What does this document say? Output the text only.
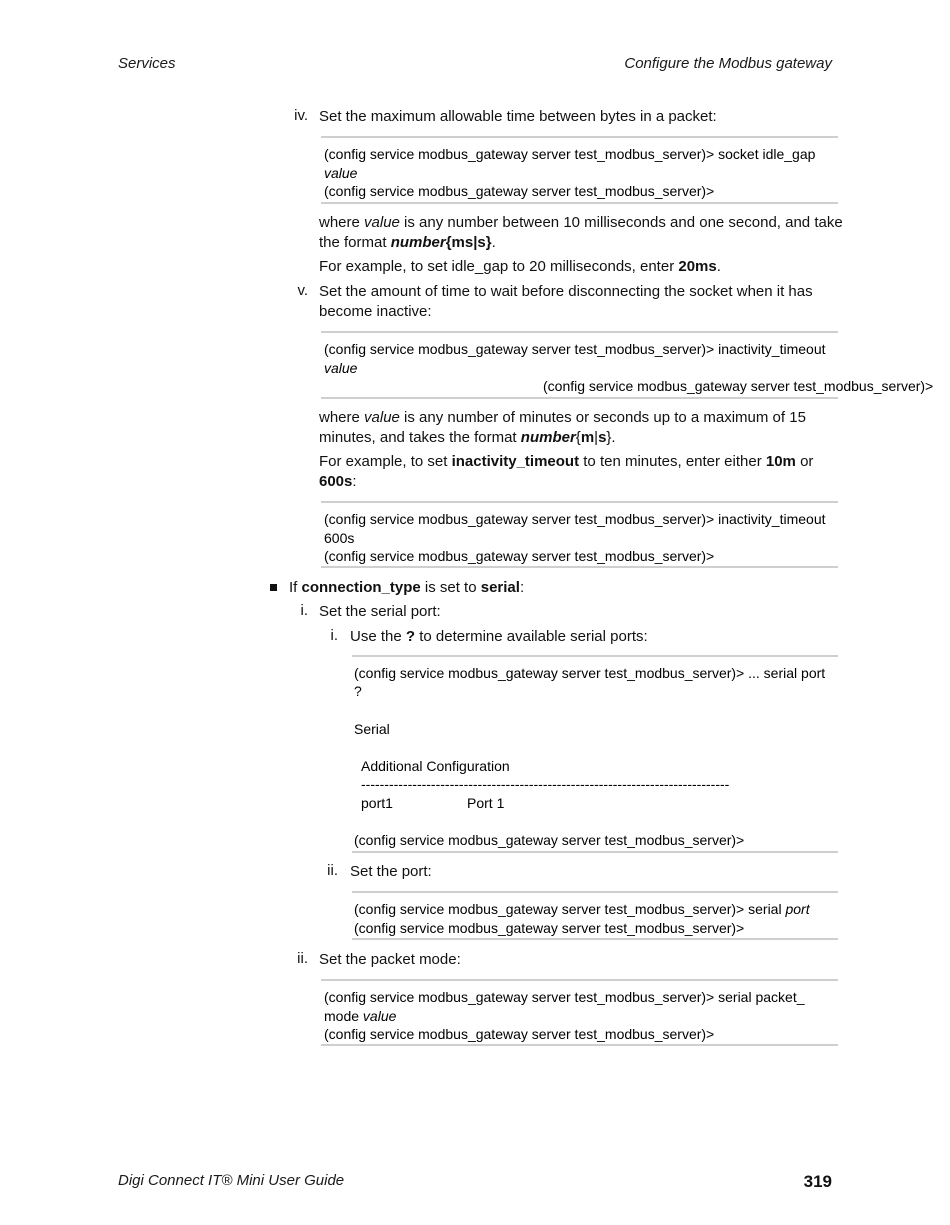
Services	Configure the Modbus gateway
iv. Set the maximum allowable time between bytes in a packet:
(config service modbus_gateway server test_modbus_server)> socket idle_gap
value
(config service modbus_gateway server test_modbus_server)>
where value is any number between 10 milliseconds and one second, and take
the format number{ms|s}.
For example, to set idle_gap to 20 milliseconds, enter 20ms.
v. Set the amount of time to wait before disconnecting the socket when it has
become inactive:
(config service modbus_gateway server test_modbus_server)> inactivity_timeout
value
(config service modbus_gateway server test_modbus_server)>
where value is any number of minutes or seconds up to a maximum of 15
minutes, and takes the format number{m|s}.
For example, to set inactivity_timeout to ten minutes, enter either 10m or
600s:
(config service modbus_gateway server test_modbus_server)> inactivity_timeout
600s
(config service modbus_gateway server test_modbus_server)>
If connection_type is set to serial:
i. Set the serial port:
i. Use the ? to determine available serial ports:
(config service modbus_gateway server test_modbus_server)> ... serial port
?
Serial
Additional Configuration
-------------------------------------------------------------------------------
port1	Port 1
(config service modbus_gateway server test_modbus_server)>
ii. Set the port:
(config service modbus_gateway server test_modbus_server)> serial port
(config service modbus_gateway server test_modbus_server)>
ii. Set the packet mode:
(config service modbus_gateway server test_modbus_server)> serial packet_
mode value
(config service modbus_gateway server test_modbus_server)>
Digi Connect IT® Mini User Guide	319
